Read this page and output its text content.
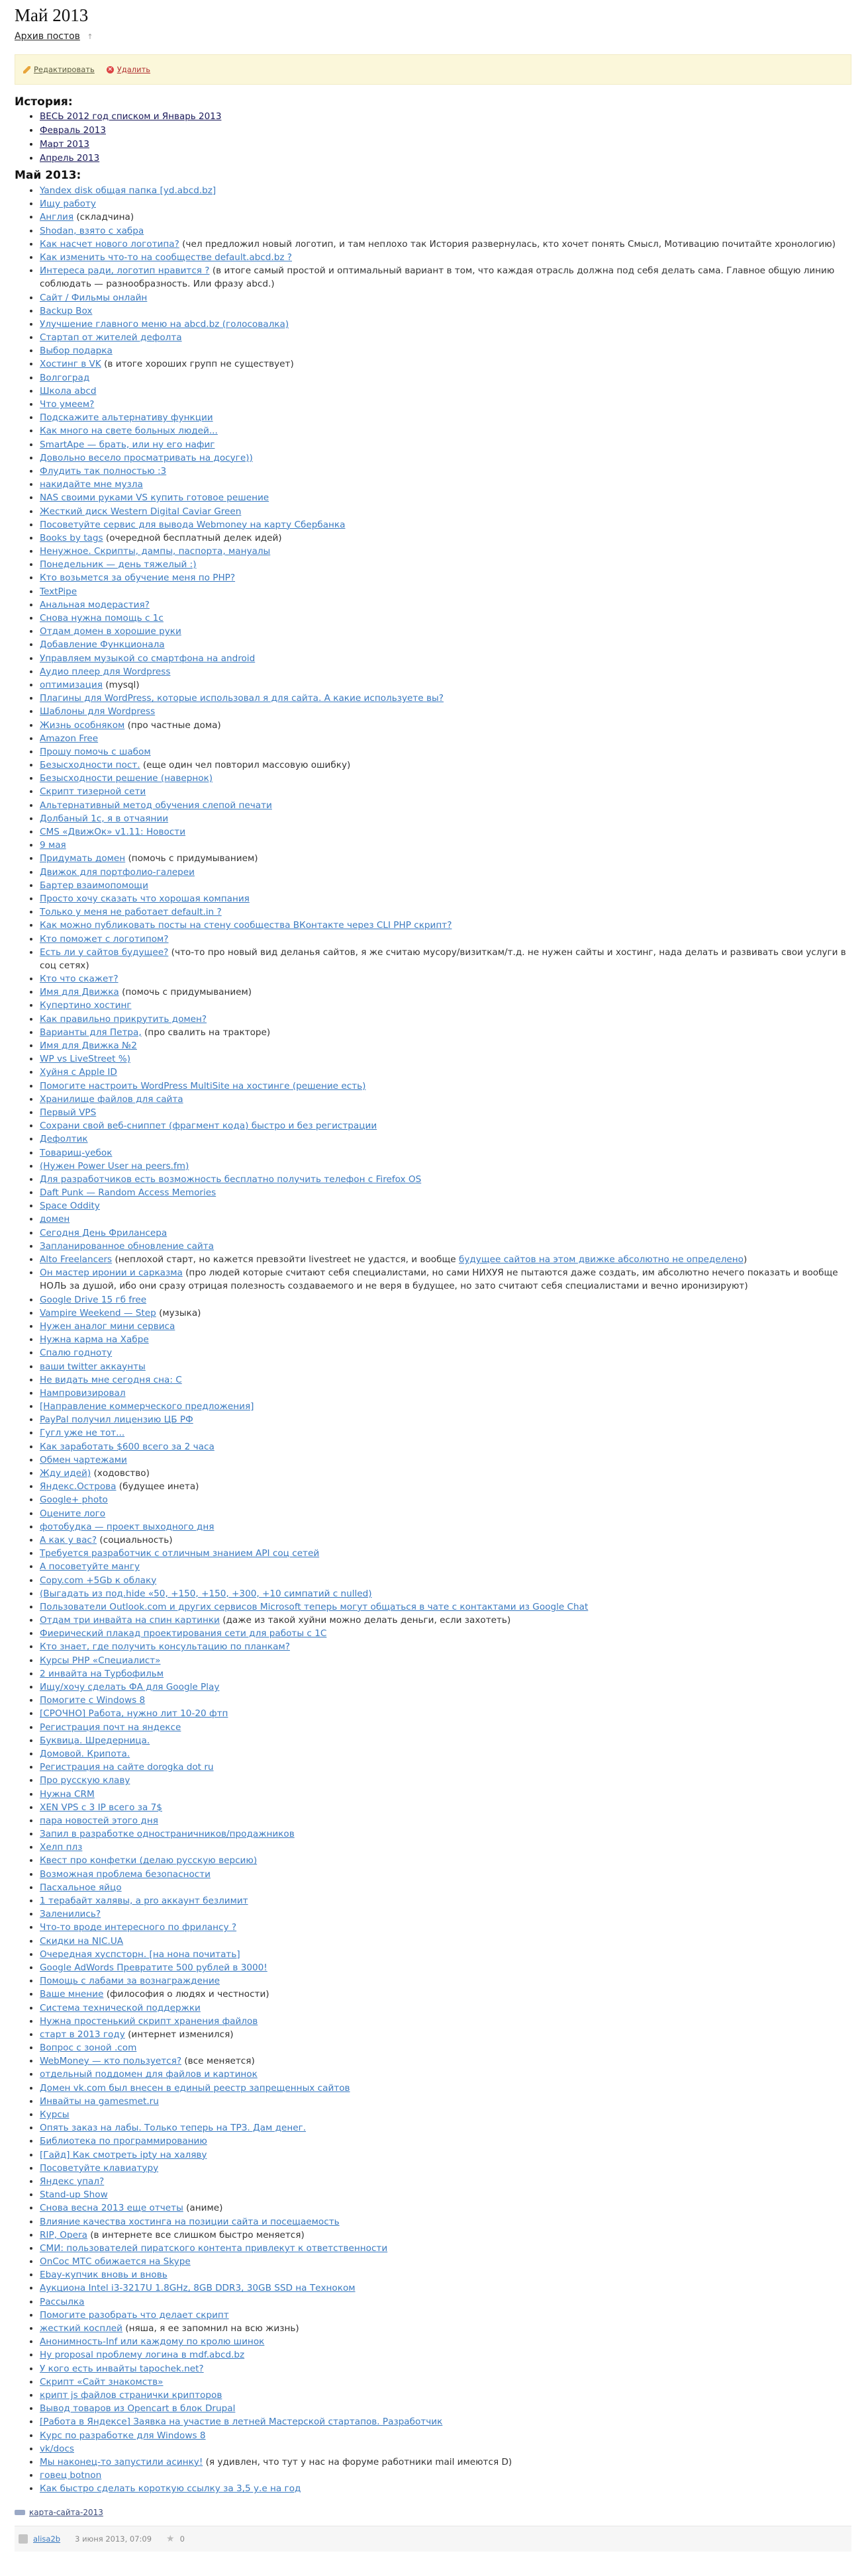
Май 2013
Архив постов ↑
Редактировать × Удалить
История:
• ВЕСЬ 2012 год списком и Январь 2013
• Февраль 2013
• Март 2013
• Апрель 2013
Май 2013:
• Yandex disk общая папка [yd.abcd.bz]
• Ищу работу
• Англия (складчина)
• Shodan, взято с хабра
• Как насчет нового логотипа? (чел предложил новый логотип, и там неплохо так История развернулась, кто хочет понять Смысл, Мотивацию почитайте хронологию)
• Как изменить что-то на сообществе default.abcd.bz ?
• Интереса ради, логотип нравится ? (в итоге самый простой и оптимальный вариант в том, что каждая отрасль должна под себя делать сама. Главное общую линию соблюдать — разнообразность. Или фразу abcd.)
• Сайт / Фильмы онлайн
• Backup Box
• Улучшение главного меню на abcd.bz (голосовалка)
• Стартап от жителей дефолта
• Выбор подарка
• Хостинг в VK (в итоге хороших групп не существует)
• Волгоград
• Школа abcd
• Что умеем?
• Подскажите альтернативу функции
• Как много на свете больных людей...
• SmartApe — брать, или ну его нафиг
• Довольно весело просматривать на досуге))
• Флудить так полностью :3
• накидайте мне музла
• NAS своими руками VS купить готовое решение
• Жесткий диск Western Digital Caviar Green
• Посоветуйте сервис для вывода Webmoney на карту Сбербанка
• Books by tags (очередной бесплатный делек идей)
• Ненужное. Скрипты, дампы, паспорта, мануалы
• Понедельник — день тяжелый :)
• Кто возьмется за обучение меня по PHP?
• TextPipe
• Анальная модерастия?
• Снова нужна помощь с 1с
• Отдам домен в хорошие руки
• Добавление Функционала
• Управляем музыкой со смартфона на android
• Аудио плеер для Wordpress
• оптимизация (mysql)
• Плагины для WordPress, которые использовал я для сайта. А какие используете вы?
• Шаблоны для Wordpress
• Жизнь особняком (про частные дома)
• Amazon Free
• Прошу помочь с шабом
• Безысходности пост. (еще один чел повторил массовую ошибку)
• Безысходности решение (навернок)
• Скрипт тизерной сети
• Альтернативный метод обучения слепой печати
• Долбаный 1с, я в отчаянии
• CMS «ДвижОк» v1.11: Новости
• 9 мая
• Придумать домен (помочь с придумыванием)
• Движок для портфолио-галереи
• Бартер взаимопомощи
• Просто хочу сказать что хорошая компания
• Только у меня не работает default.in ?
• Как можно публиковать посты на стену сообщества ВКонтакте через CLI PHP скрипт?
• Кто поможет с логотипом?
• Есть ли у сайтов будущее? (что-то про новый вид деланья сайтов, я же считаю мусору/визиткам/т.д. не нужен сайты и хостинг, нада делать и развивать свои услуги в соц сетях)
• Кто что скажет?
• Имя для Движка (помочь с придумыванием)
• Купертино хостинг
• Как правильно прикрутить домен?
• Варианты для Петра, (про свалить на тракторе)
• Имя для Движка №2
• WP vs LiveStreet %)
• Хуйня с Apple ID
• Помогите настроить WordPress MultiSite на хостинге (решение есть)
• Хранилище файлов для сайта
• Первый VPS
• Сохрани свой веб-сниппет (фрагмент кода) быстро и без регистрации
• Дефолтик
• Товарищ-уебок
• (Нужен Power User на peers.fm)
• Для разработчиков есть возможность бесплатно получить телефон с Firefox OS
• Daft Punk — Random Access Memories
• Space Oddity
• домен
• Сегодня День Фрилансера
• Запланированное обновление сайта
• Alto Freelancers (неплохой старт, но кажется превзойти livestreet не удастся, и вообще будущее сайтов на этом движке абсолютно не определено)
• Он мастер иронии и сарказма (про людей которые считают себя специалистами, но сами НИХУЯ не пытаются даже создать, им абсолютно нечего показать и вообще НОЛЬ за душой, ибо они сразу отрицая полезность создаваемого и не веря в будущее, но зато считают себя специалистами и вечно иронизируют)
• Google Drive 15 гб free
• Vampire Weekend — Step (музыка)
• Нужен аналог мини сервиса
• Нужна карма на Хабре
• Спалю годноту
• ваши twitter аккаунты
• Не видать мне сегодня сна: С
• Нампровизировал
• [Направление коммерческого предложения]
• PayPal получил лицензию ЦБ РФ
• Гугл уже не тот...
• Как заработать $600 всего за 2 часа
• Обмен чартежами
• Жду идей) (ходовство)
• Яндекс.Острова (будущее инета)
• Google+ photo
• Оцените лого
• фотобудка — проект выходного дня
• А как у вас? (социальность)
• Требуется разработчик с отличным знанием API соц сетей
• А посоветуйте мангу
• Copy.com +5Gb к облаку
• (Выгадать из под.hide «50, +150, +150, +300, +10 симпатий с nulled)
• Пользователи Outlook.com и других сервисов Microsoft теперь могут общаться в чате с контактами из Google Chat
• Отдам три инвайта на спин картинки (даже из такой хуйни можно делать деньги, если захотеть)
• Фиерический плакад проектирования сети для работы с 1С
• Кто знает, где получить консультацию по планкам?
• Курсы PHP «Специалист»
• 2 инвайта на Турбофильм
• Ищу/хочу сделать ФА для Google Play
• Помогите с Windows 8
• [СРОЧНО] Работа, нужно лит 10-20 фтп
• Регистрация почт на яндексе
• Буквица. Шредерница.
• Домовой. Крипота.
• Регистрация на сайте dorogka dot ru
• Про русскую клаву
• Нужна CRM
• XEN VPS с 3 IP всего за 7$
• пара новостей этого дня
• Запил в разработке одностраничников/продажников
• Хелп плз
• Квест про конфетки (делаю русскую версию)
• Возможная проблема безопасности
• Пасхальное яйцо
• 1 терабайт халявы, а pro аккаунт безлимит
• Заленились?
• Что-то вроде интересного по фриланcу ?
• Скидки на NIC.UA
• Очередная хуспсторн. [на нона почитать]
• Google AdWords Превратите 500 рублей в 3000!
• Помощь с лабами за вознаграждение
• Ваше мнение (философия о людях и честности)
• Система технической поддержки
• Нужна простенький скрипт хранения файлов
• старт в 2013 году (интернет изменился)
• Вопрос с зоной .com
• WebMoney — кто пользуется? (все меняется)
• отдельный поддомен для файлов и картинок
• Домен vk.com был внесен в единый реестр запрещенных сайтов
• Инвайты на gamesmet.ru
• Курсы
• Опять заказ на лабы. Только теперь на ТРЗ. Дам денег.
• Библиотека по программированию
• [Гайд] Как смотреть ipty на халяву
• Посоветуйте клавиатуру
• Яндекс упал?
• Stand-up Show
• Снова весна 2013 еще отчеты (аниме)
• Влияние качества хостинга на позиции сайта и посещаемость
• RIP, Opera (в интернете все слишком быстро меняется)
• СМИ: пользователей пиратского контента привлекут к ответственности
• OnCoc МТС обижается на Skype
• Ebay-купчик вновь и вновь
• Аукциона Intel i3-3217U 1.8GHz, 8GB DDR3, 30GB SSD на Техноком
• Рассылка
• Помогите разобрать что делает скрипт
• жесткий косплей (няша, я ее запомнил на всю жизнь)
• Анонимность-Inf или каждому по кролю шинок
• Ну proposal проблему логина в mdf.abcd.bz
• У кого есть инвайты tapochek.net?
• Скрипт «Сайт знакомств»
• крипт js файлов странички крипторов
• Вывод товаров из Opencart в блок Drupal
• [Работа в Яндексе] Заявка на участие в летней Мастерской стартапов. Разработчик
• Курс по разработке для Windows 8
• vk/docs
• Мы наконец-то запустили асинку! (я удивлен, что тут у нас на форуме работники mail имеются D)
• говец botnon
• Как быстро сделать короткую ссылку за 3,5 у.е на год
карта-сайта-2013
alisa2b 3 июня 2013, 07:09 ★ 0
